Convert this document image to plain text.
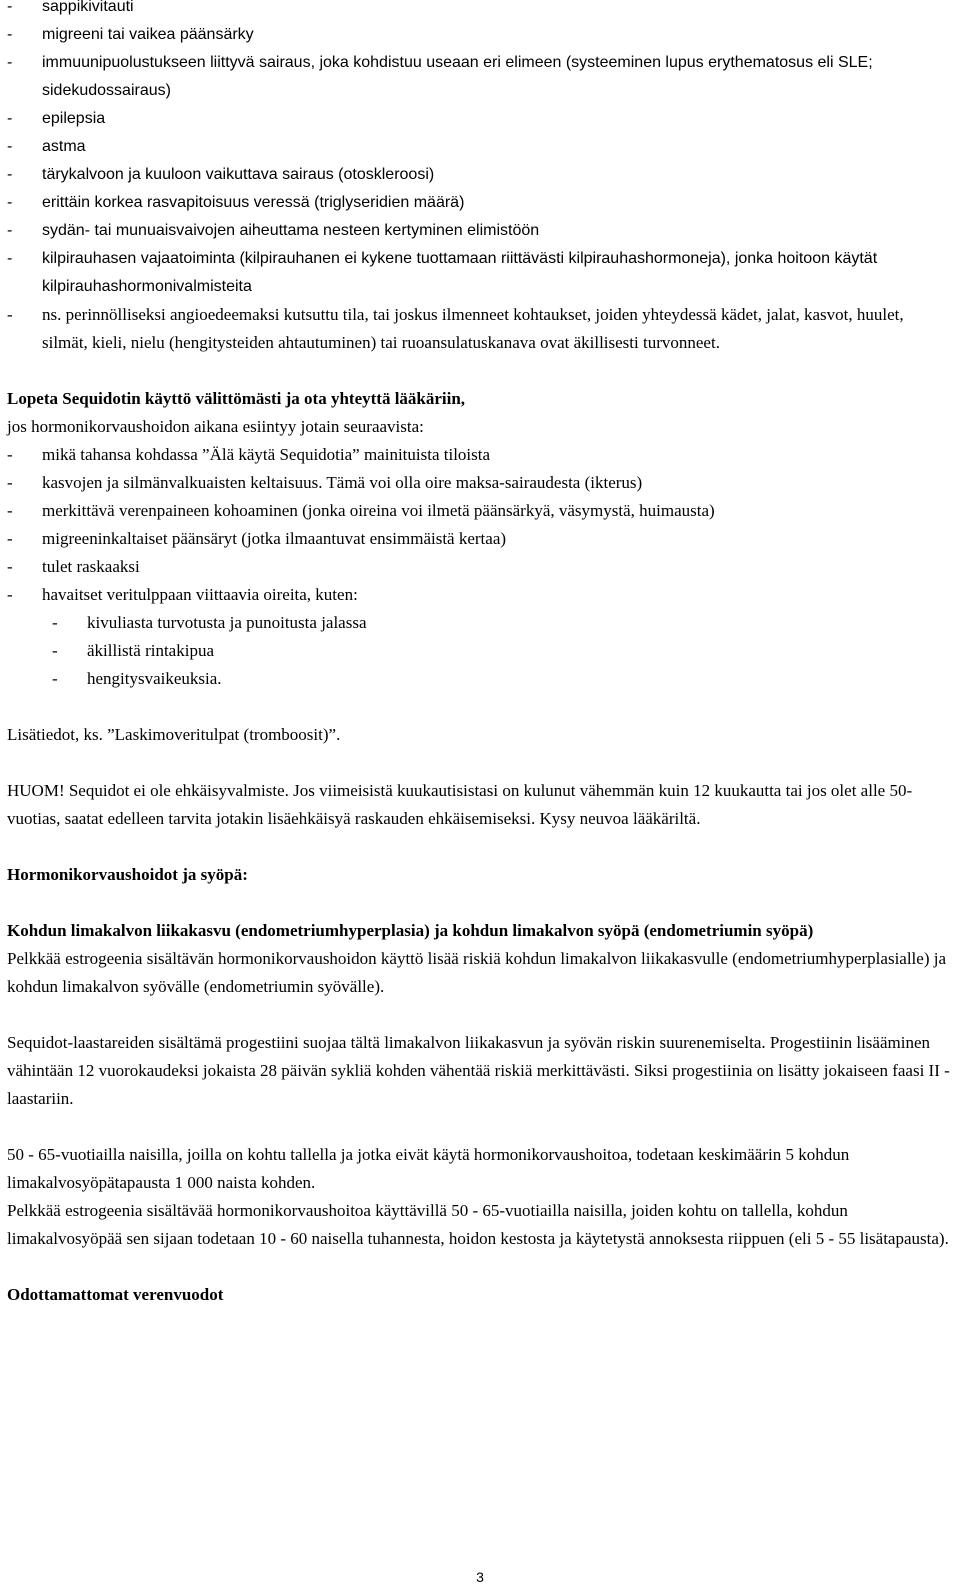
- sappikivitauti
- migreeni tai vaikea päänsärky
- immuunipuolustukseen liittyvä sairaus, joka kohdistuu useaan eri elimeen (systeeminen lupus erythematosus eli SLE; sidekudossairaus)
- epilepsia
- astma
- tärykalvoon ja kuuloon vaikuttava sairaus (otoskleroosi)
- erittäin korkea rasvapitoisuus veressä (triglyseridien määrä)
- sydän- tai munuaisvaivojen aiheuttama nesteen kertyminen elimistöön
- kilpirauhasen vajaatoiminta (kilpirauhanen ei kykene tuottamaan riittävästi kilpirauhashormoneja), jonka hoitoon käytät kilpirauhashormonivalmisteita
- ns. perinnölliseksi angioedeemaksi kutsuttu tila, tai joskus ilmenneet kohtaukset, joiden yhteydessä kädet, jalat, kasvot, huulet, silmät, kieli, nielu (hengitysteiden ahtautuminen) tai ruoansulatuskanava ovat äkillisesti turvonneet.

Lopeta Sequidotin käyttö välittömästi ja ota yhteyttä lääkäriin,

jos hormonikorvaushoidon aikana esiintyy jotain seuraavista:

- mikä tahansa kohdassa ”Älä käytä Sequidotia” mainituista tiloista
- kasvojen ja silmänvalkuaisten keltaisuus. Tämä voi olla oire maksa-sairaudesta (ikterus)
- merkittävä verenpaineen kohoaminen (jonka oireina voi ilmetä päänsärkyä, väsymystä, huimausta)
- migreeninkaltaiset päänsäryt (jotka ilmaantuvat ensimmäistä kertaa)
- tulet raskaaksi
- havaitset veritulppaan viittaavia oireita, kuten:
- kivuliasta turvotusta ja punoitusta jalassa
- äkillistä rintakipua
- hengitysvaikeuksia.

Lisätiedot, ks. ”Laskimoveritulpat (tromboosit)”.

HUOM! Sequidot ei ole ehkäisyvalmiste. Jos viimeisistä kuukautisistasi on kulunut vähemmän kuin 12 kuukautta tai jos olet alle 50-vuotias, saatat edelleen tarvita jotakin lisäehkäisyä raskauden ehkäisemiseksi. Kysy neuvoa lääkäriltä.

Hormonikorvaushoidot ja syöpä:

Kohdun limakalvon liikakasvu (endometriumhyperplasia) ja kohdun limakalvon syöpä (endometriumin syöpä)

Pelkkää estrogeenia sisältävän hormonikorvaushoidon käyttö lisää riskiä kohdun limakalvon liikakasvulle (endometriumhyperplasialle) ja kohdun limakalvon syövälle (endometriumin syövälle).

Sequidot-laastareiden sisältämä progestiini suojaa tältä limakalvon liikakasvun ja syövän riskin suurenemiselta. Progestiinin lisääminen vähintään 12 vuorokaudeksi jokaista 28 päivän sykliä kohden vähentää riskiä merkittävästi. Siksi progestiinia on lisätty jokaiseen faasi II -laastariin.

50 - 65-vuotiailla naisilla, joilla on kohtu tallella ja jotka eivät käytä hormonikorvaushoitoa, todetaan keskimäärin 5 kohdun limakalvosyöpätapausta 1 000 naista kohden.

Pelkkää estrogeenia sisältävää hormonikorvaushoitoa käyttävillä 50 - 65-vuotiailla naisilla, joiden kohtu on tallella, kohdun limakalvosyöpää sen sijaan todetaan 10 - 60 naisella tuhannesta, hoidon kestosta ja käytetystä annoksesta riippuen (eli 5 - 55 lisätapausta).

Odottamattomat verenvuodot

3
